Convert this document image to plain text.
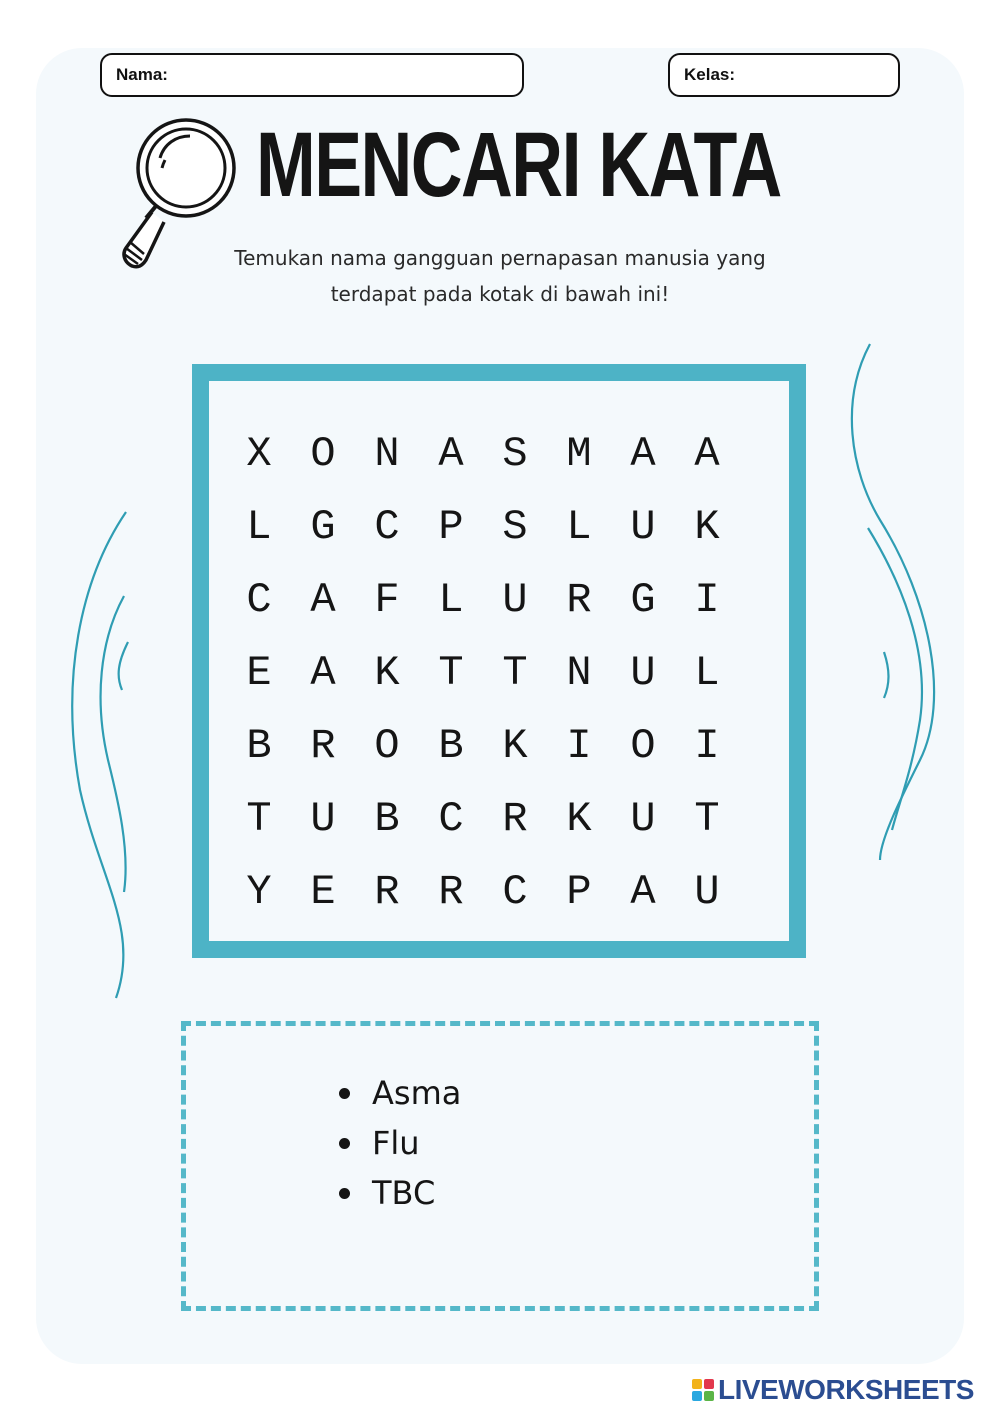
Nama:	Kelas:
MENCARI KATA
Temukan nama gangguan pernapasan manusia yang
terdapat pada kotak di bawah ini!
X O N A S M A A
L G C P S L U K
C A F L U R G I
E A K T T N U L
B R O B K I O I
T U B C R K U T
Y E R R C P A U
Asma
Flu
TBC
LIVEWORKSHEETS
